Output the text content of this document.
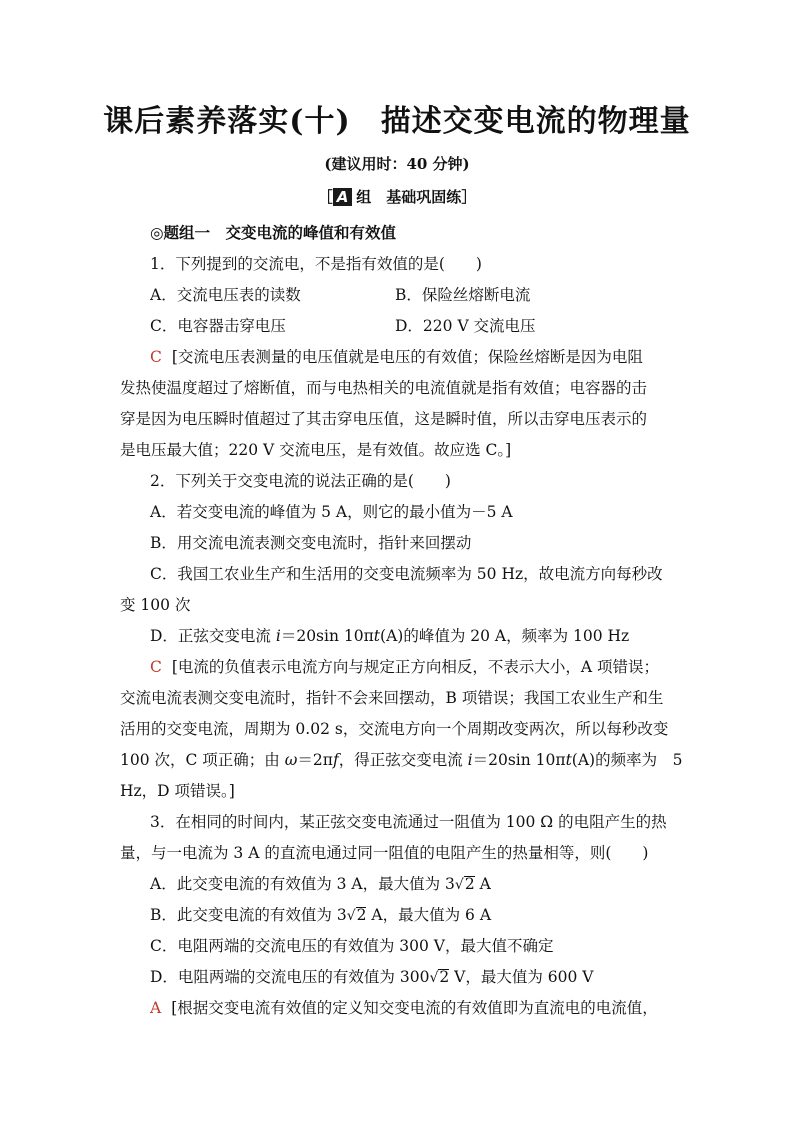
课后素养落实(十) 描述交变电流的物理量
(建议用时：40 分钟)
［ A 组　基础巩固练］
◎题组一　交变电流的峰值和有效值
1．下列提到的交流电，不是指有效值的是(　　)
A．交流电压表的读数	B．保险丝熔断电流
C．电容器击穿电压	D．220 V 交流电压
C [交流电压表测量的电压值就是电压的有效值；保险丝熔断是因为电阻
发热使温度超过了熔断值，而与电热相关的电流值就是指有效值；电容器的击
穿是因为电压瞬时值超过了其击穿电压值，这是瞬时值，所以击穿电压表示的
是电压最大值；220 V 交流电压，是有效值。故应选 C。]
2．下列关于交变电流的说法正确的是(　　)
A．若交变电流的峰值为 5 A，则它的最小值为－5 A
B．用交流电流表测交变电流时，指针来回摆动
C．我国工农业生产和生活用的交变电流频率为 50 Hz，故电流方向每秒改
变 100 次
D．正弦交变电流 i＝20sin 10πt(A)的峰值为 20 A，频率为 100 Hz
C [电流的负值表示电流方向与规定正方向相反，不表示大小，A 项错误；
交流电流表测交变电流时，指针不会来回摆动，B 项错误；我国工农业生产和生
活用的交变电流，周期为 0.02 s，交流电方向一个周期改变两次，所以每秒改变
100 次，C 项正确；由 ω＝2πf，得正弦交变电流 i＝20sin 10πt(A)的频率为　5
Hz，D 项错误。]
3．在相同的时间内，某正弦交变电流通过一阻值为 100 Ω 的电阻产生的热
量，与一电流为 3 A 的直流电通过同一阻值的电阻产生的热量相等，则(　　)
A．此交变电流的有效值为 3 A，最大值为 3√2 A
B．此交变电流的有效值为 3√2 A，最大值为 6 A
C．电阻两端的交流电压的有效值为 300 V，最大值不确定
D．电阻两端的交流电压的有效值为 300√2 V，最大值为 600 V
A [根据交变电流有效值的定义知交变电流的有效值即为直流电的电流值，
